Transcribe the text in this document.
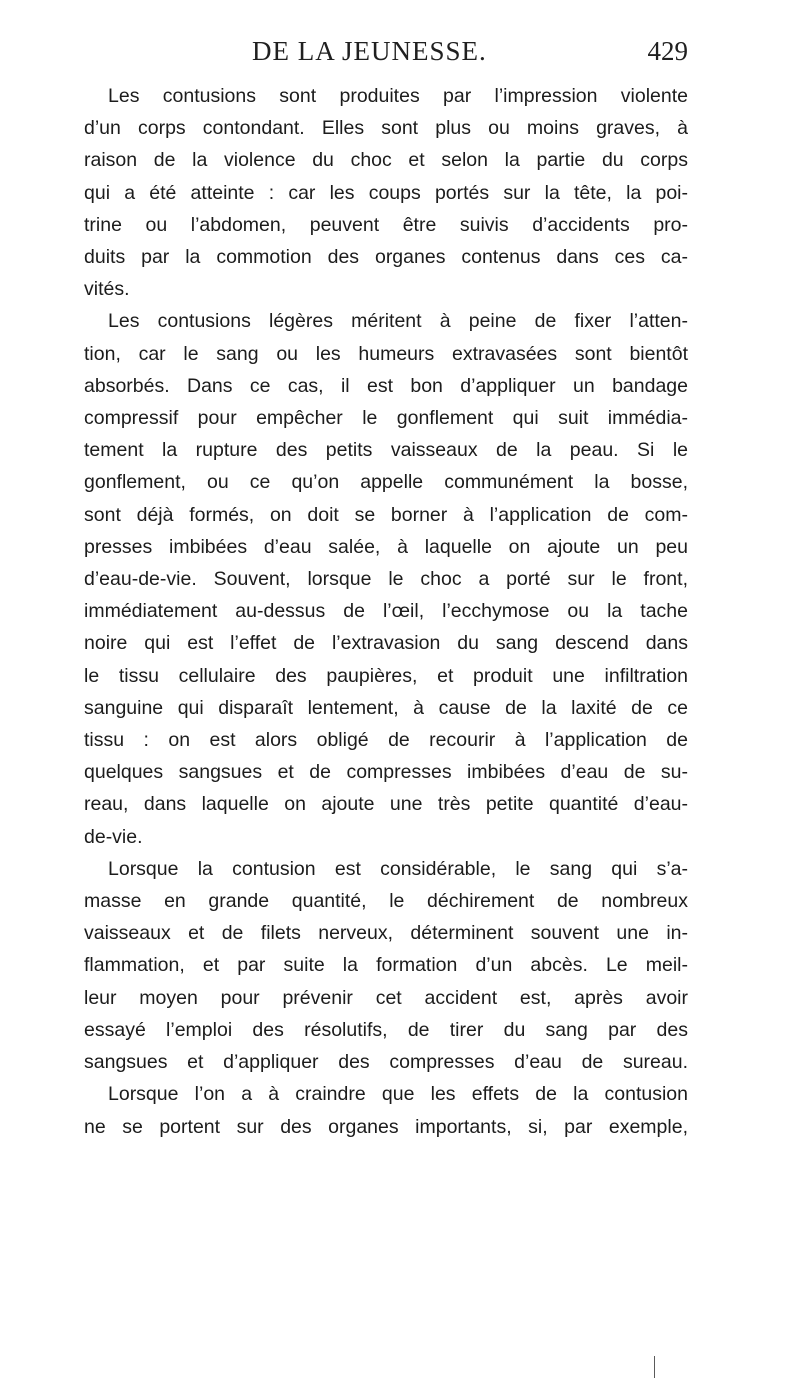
DE LA JEUNESSE.	429
Les contusions sont produites par l’impression violente
d’un corps contondant. Elles sont plus ou moins graves, à
raison de la violence du choc et selon la partie du corps
qui a été atteinte : car les coups portés sur la tête, la poi-
trine ou l’abdomen, peuvent être suivis d’accidents pro-
duits par la commotion des organes contenus dans ces ca-
vités.
Les contusions légères méritent à peine de fixer l’atten-
tion, car le sang ou les humeurs extravasées sont bientôt
absorbés. Dans ce cas, il est bon d’appliquer un bandage
compressif pour empêcher le gonflement qui suit immédia-
tement la rupture des petits vaisseaux de la peau. Si le
gonflement, ou ce qu’on appelle communément la bosse,
sont déjà formés, on doit se borner à l’application de com-
presses imbibées d’eau salée, à laquelle on ajoute un peu
d’eau-de-vie. Souvent, lorsque le choc a porté sur le front,
immédiatement au-dessus de l’œil, l’ecchymose ou la tache
noire qui est l’effet de l’extravasion du sang descend dans
le tissu cellulaire des paupières, et produit une infiltration
sanguine qui disparaît lentement, à cause de la laxité de ce
tissu : on est alors obligé de recourir à l’application de
quelques sangsues et de compresses imbibées d’eau de su-
reau, dans laquelle on ajoute une très petite quantité d’eau-
de-vie.
Lorsque la contusion est considérable, le sang qui s’a-
masse en grande quantité, le déchirement de nombreux
vaisseaux et de filets nerveux, déterminent souvent une in-
flammation, et par suite la formation d’un abcès. Le meil-
leur moyen pour prévenir cet accident est, après avoir
essayé l’emploi des résolutifs, de tirer du sang par des
sangsues et d’appliquer des compresses d’eau de sureau.
Lorsque l’on a à craindre que les effets de la contusion
ne se portent sur des organes importants, si, par exemple,
